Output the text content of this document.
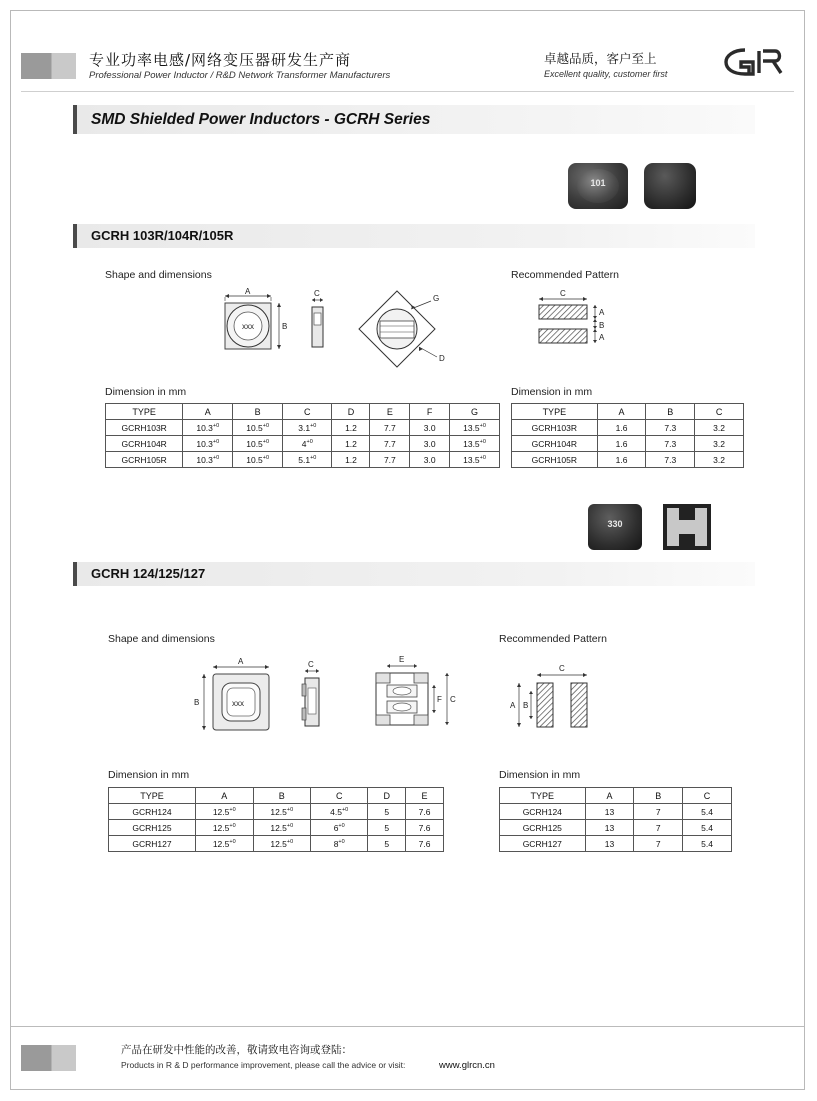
专业功率电感/网络变压器研发生产商
Professional Power Inductor / R&D Network Transformer Manufacturers
卓越品质，客户至上
Excellent quality, customer first
SMD Shielded Power Inductors - GCRH Series
101
GCRH 103R/104R/105R
Shape and dimensions	Recommended Pattern
xxx
A
B
C
G
D
C
A
B
A
Dimension in mm	Dimension in mm
TYPE	A	B	C	D	E	F	G
GCRH103R	$10.3^{+0}$	$10.5^{+0}$	$3.1^{+0}$	1.2	7.7	3.0	$13.5^{+0}$
GCRH104R	$10.3^{+0}$	$10.5^{+0}$	$4^{+0}$	1.2	7.7	3.0	$13.5^{+0}$
GCRH105R	$10.3^{+0}$	$10.5^{+0}$	$5.1^{+0}$	1.2	7.7	3.0	$13.5^{+0}$
TYPE	A	B	C
GCRH103R	1.6	7.3	3.2
GCRH104R	1.6	7.3	3.2
GCRH105R	1.6	7.3	3.2
330
GCRH 124/125/127
Shape and dimensions	Recommended Pattern
xxx
A
B
C
E
F C
C
A B
Dimension in mm	Dimension in mm
TYPE	A	B	C	D	E
GCRH124	$12.5^{+0}$	$12.5^{+0}$	$4.5^{+0}$	5	7.6
GCRH125	$12.5^{+0}$	$12.5^{+0}$	$6^{+0}$	5	7.6
GCRH127	$12.5^{+0}$	$12.5^{+0}$	$8^{+0}$	5	7.6
TYPE	A	B	C
GCRH124	13	7	5.4
GCRH125	13	7	5.4
GCRH127	13	7	5.4
产品在研发中性能的改善，敬请致电咨询或登陆：
Products in R & D performance improvement, please call the advice or visit:	www.glrcn.cn
